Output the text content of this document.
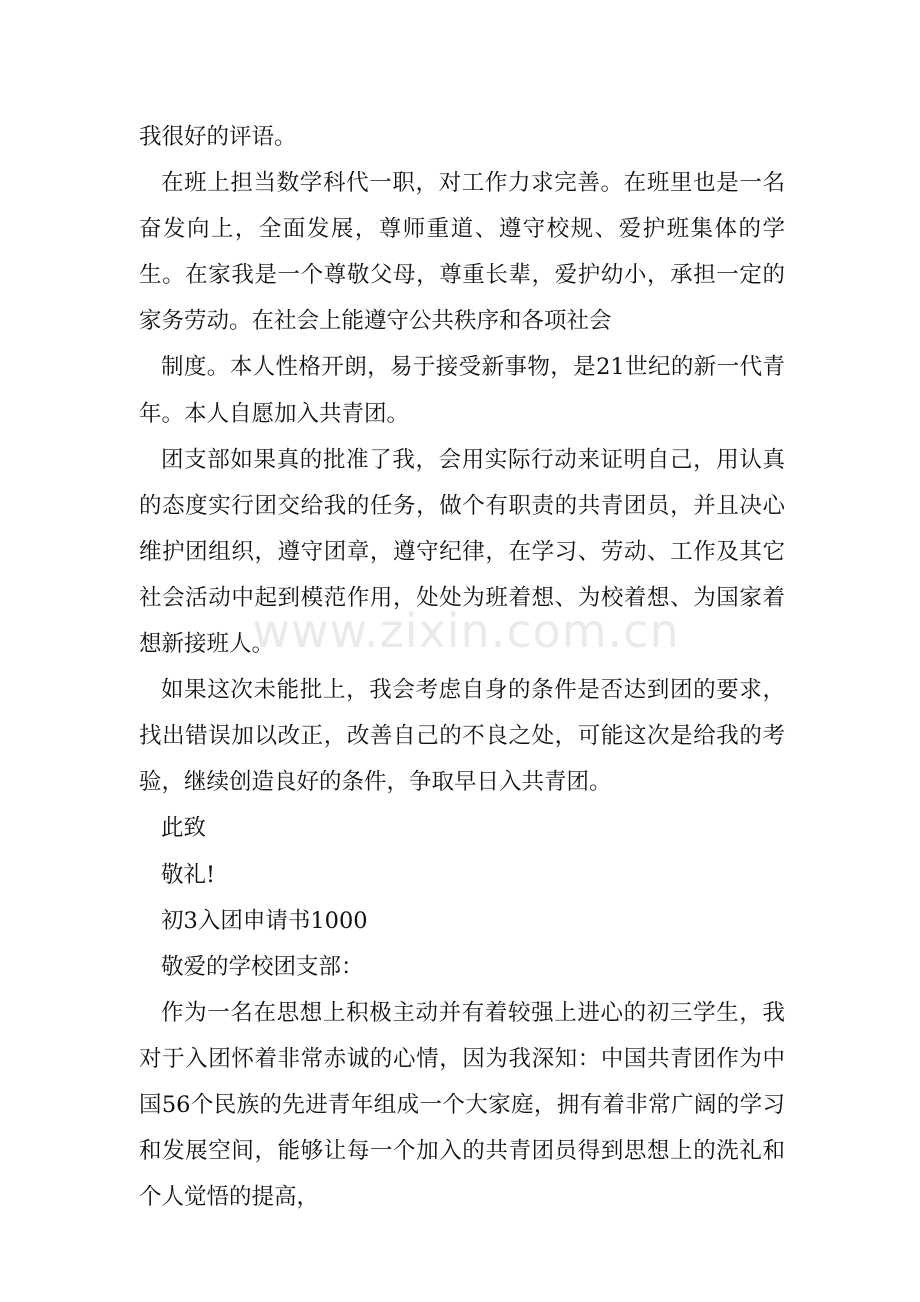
我很好的评语。

在班上担当数学科代一职，对工作力求完善。在班里也是一名奋发向上，全面发展，尊师重道、遵守校规、爱护班集体的学生。在家我是一个尊敬父母，尊重长辈，爱护幼小，承担一定的家务劳动。在社会上能遵守公共秩序和各项社会

制度。本人性格开朗，易于接受新事物，是21世纪的新一代青年。本人自愿加入共青团。

团支部如果真的批准了我，会用实际行动来证明自己，用认真的态度实行团交给我的任务，做个有职责的共青团员，并且决心维护团组织，遵守团章，遵守纪律，在学习、劳动、工作及其它社会活动中起到模范作用，处处为班着想、为校着想、为国家着想新接班人。

如果这次未能批上，我会考虑自身的条件是否达到团的要求，找出错误加以改正，改善自己的不良之处，可能这次是给我的考验，继续创造良好的条件，争取早日入共青团。

此致

敬礼!

初3入团申请书1000

敬爱的学校团支部：

作为一名在思想上积极主动并有着较强上进心的初三学生，我对于入团怀着非常赤诚的心情，因为我深知：中国共青团作为中国56个民族的先进青年组成一个大家庭，拥有着非常广阔的学习和发展空间，能够让每一个加入的共青团员得到思想上的洗礼和个人觉悟的提高，

www.zixin.com.cn
